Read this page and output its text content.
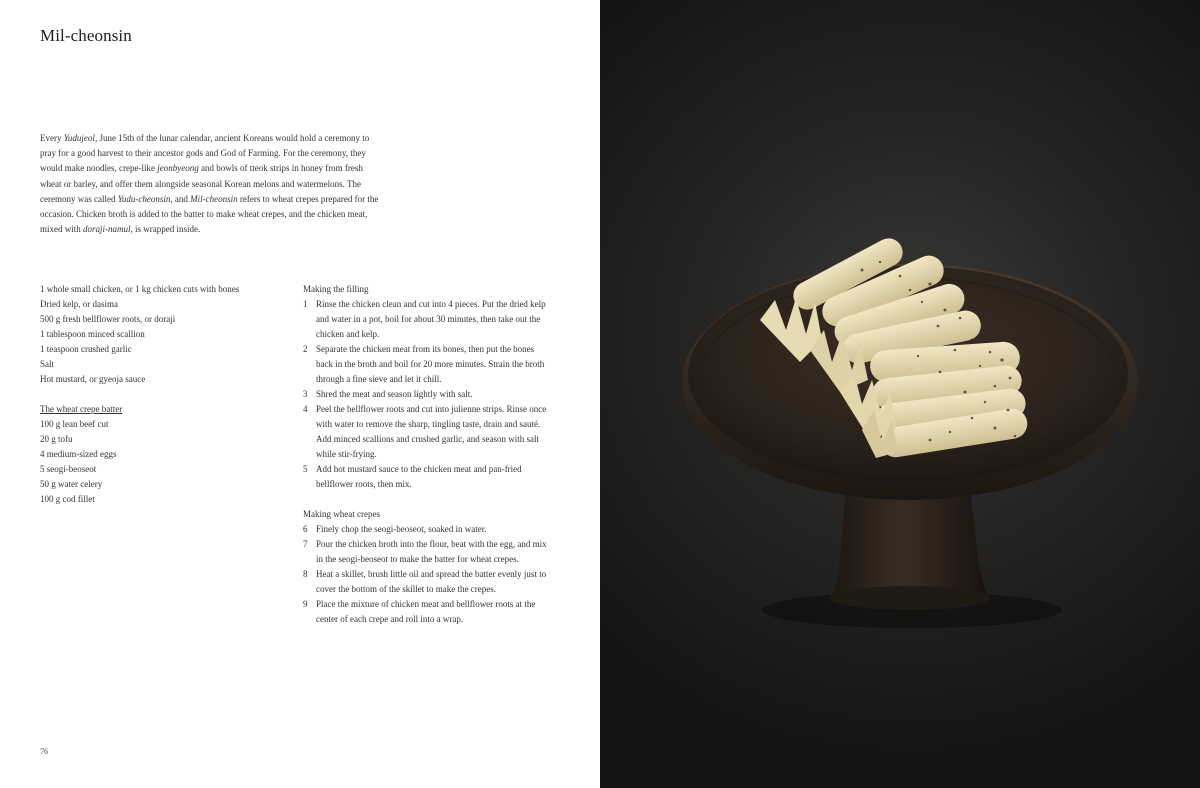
Mil-cheonsin

Every Yudujeol, June 15th of the lunar calendar, ancient Koreans would hold a ceremony to pray for a good harvest to their ancestor gods and God of Farming. For the ceremony, they would make noodles, crepe-like jeonbyeong and bowls of tteok strips in honey from fresh wheat or barley, and offer them alongside seasonal Korean melons and watermelons. The ceremony was called Yudu-cheonsin, and Mil-cheonsin refers to wheat crepes prepared for the occasion. Chicken broth is added to the batter to make wheat crepes, and the chicken meat, mixed with doraji-namul, is wrapped inside.

1 whole small chicken, or 1 kg chicken cuts with bones
Dried kelp, or dasima
500 g fresh bellflower roots, or doraji
1 tablespoon minced scallion
1 teaspoon crushed garlic
Salt
Hot mustard, or gyeoja sauce
The wheat crepe batter
100 g lean beef cut
20 g tofu
4 medium-sized eggs
5 seogi-beoseot
50 g water celery
100 g cod fillet
Making the filling
1 Rinse the chicken clean and cut into 4 pieces. Put the dried kelp and water in a pot, boil for about 30 minutes, then take out the chicken and kelp.
2 Separate the chicken meat from its bones, then put the bones back in the broth and boil for 20 more minutes. Strain the broth through a fine sieve and let it chill.
3 Shred the meat and season lightly with salt.
4 Peel the bellflower roots and cut into julienne strips. Rinse once with water to remove the sharp, tingling taste, drain and sauté. Add minced scallions and crushed garlic, and season with salt while stir-frying.
5 Add hot mustard sauce to the chicken meat and pan-fried bellflower roots, then mix.
Making wheat crepes
6 Finely chop the seogi-beoseot, soaked in water.
7 Pour the chicken broth into the flour, beat with the egg, and mix in the seogi-beoseot to make the batter for wheat crepes.
8 Heat a skillet, brush little oil and spread the batter evenly just to cover the bottom of the skillet to make the crepes.
9 Place the mixture of chicken meat and bellflower roots at the center of each crepe and roll into a wrap.
76
